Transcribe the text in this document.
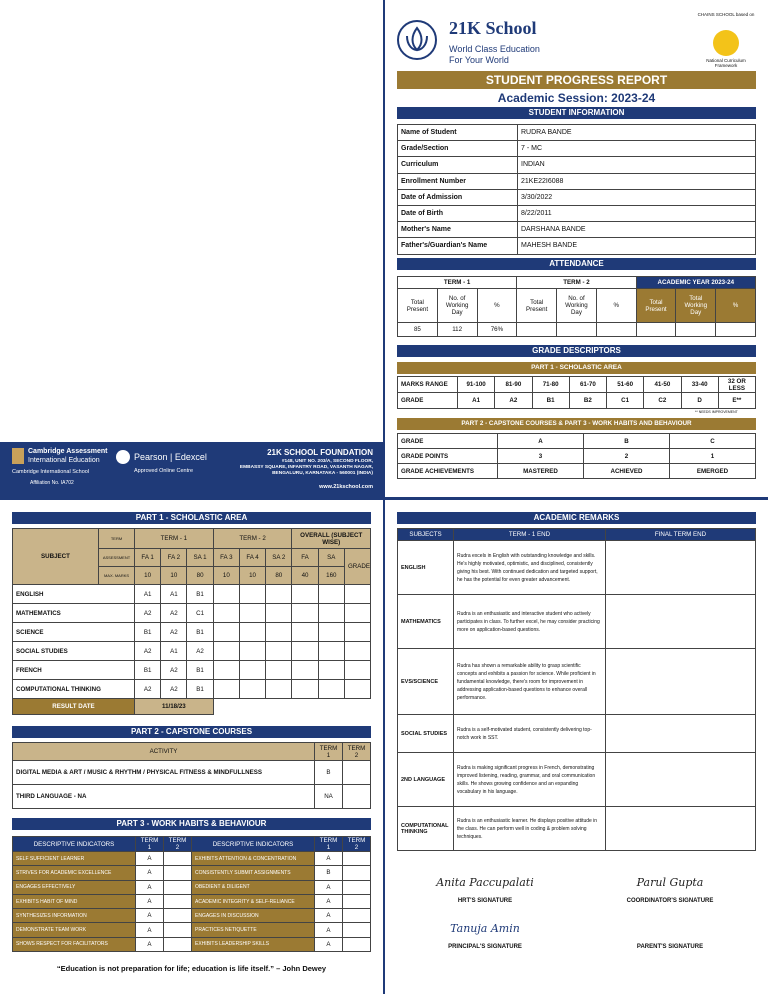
21K School
World Class Education
For Your World
CHAINS SCHOOL based on
National Curriculum Framework
STUDENT PROGRESS REPORT
Academic Session: 2023-24
STUDENT INFORMATION
Name of Student	RUDRA BANDE
Grade/Section	7 - MC
Curriculum	INDIAN
Enrollment Number	21KE22I6088
Date of Admission	3/30/2022
Date of Birth	8/22/2011
Mother's Name	DARSHANA BANDE
Father's/Guardian's Name	MAHESH BANDE
ATTENDANCE
TERM - 1			TERM - 2			ACADEMIC YEAR 2023-24		
Total Present	No. of Working Day	%	Total Present	No. of Working Day	%	Total Present	Total Working Day	%
85	112	76%						
GRADE DESCRIPTORS
PART 1 - SCHOLASTIC AREA
MARKS RANGE	91-100	81-90	71-80	61-70	51-60	41-50	33-40	32 OR LESS
GRADE	A1	A2	B1	B2	C1	C2	D	E**
** NEEDS IMPROVEMENT
PART 2 - CAPSTONE COURSES & PART 3 - WORK HABITS AND BEHAVIOUR
GRADE	A	B	C
GRADE POINTS	3	2	1
GRADE ACHIEVEMENTS	MASTERED	ACHIEVED	EMERGED
Cambridge Assessment
International Education
Cambridge International School
Affiliation No. IA702
Pearson | Edexcel
Approved Online Centre
21K SCHOOL FOUNDATION
#148, UNIT NO. 203/A, SECOND FLOOR,
EMBASSY SQUARE, INFANTRY ROAD, VASANTH NAGAR,
BENGALURU, KARNATAKA - 560001 (INDIA)
www.21kschool.com
PART 1 - SCHOLASTIC AREA
SUBJECT	TERM	TERM - 1			TERM - 2			OVERALL (SUBJECT WISE)		
	ASSESSMENT	FA 1	FA 2	SA 1	FA 3	FA 4	SA 2	FA	SA	GRADE
	MAX. MARKS	10	10	80	10	10	80	40	160	
ENGLISH		A1	A1	B1						
MATHEMATICS		A2	A2	C1						
SCIENCE		B1	A2	B1						
SOCIAL STUDIES		A2	A1	A2						
FRENCH		B1	A2	B1						
COMPUTATIONAL THINKING		A2	A2	B1						
RESULT DATE		11/18/23								
PART 2 - CAPSTONE COURSES
ACTIVITY	TERM 1	TERM 2
DIGITAL MEDIA & ART / MUSIC & RHYTHM / PHYSICAL FITNESS & MINDFULLNESS	B	
THIRD LANGUAGE - NA	NA	
PART 3 - WORK HABITS & BEHAVIOUR
DESCRIPTIVE INDICATORS	TERM 1	TERM 2	DESCRIPTIVE INDICATORS	TERM 1	TERM 2
SELF SUFFICIENT LEARNER	A		EXHIBITS ATTENTION & CONCENTRATION	A	
STRIVES FOR ACADEMIC EXCELLENCE	A		CONSISTENTLY SUBMIT ASSIGNMENTS	B	
ENGAGES EFFECTIVELY	A		OBEDIENT & DILIGENT	A	
EXHIBITS HABIT OF MIND	A		ACADEMIC INTEGRITY & SELF-RELIANCE	A	
SYNTHESIZES INFORMATION	A		ENGAGES IN DISCUSSION	A	
DEMONSTRATE TEAM WORK	A		PRACTICES NETIQUETTE	A	
SHOWS RESPECT FOR FACILITATORS	A		EXHIBITS LEADERSHIP SKILLS	A	
“Education is not preparation for life; education is life itself.” – John Dewey
ACADEMIC REMARKS
SUBJECTS	TERM - 1 END	FINAL TERM END
ENGLISH	Rudra excels in English with outstanding knowledge and skills. He's highly motivated, optimistic, and disciplined, consistently giving his best. With continued dedication and targeted support, he has the potential for even greater advancement.	
MATHEMATICS	Rudra is an enthusiastic and interactive student who actively participates in class. To further excel, he may consider practicing more on application-based questions.	
EVS/SCIENCE	Rudra has shown a remarkable ability to grasp scientific concepts and exhibits a passion for science. While proficient in fundamental knowledge, there's room for improvement in addressing application-based questions to enhance overall performance.	
SOCIAL STUDIES	Rudra is a self-motivated student, consistently delivering top-notch work in SST.	
2ND LANGUAGE	Rudra is making significant progress in French, demonstrating improved listening, reading, grammar, and oral communication skills. He shows growing confidence and an expanding vocabulary in his language.	
COMPUTATIONAL THINKING	Rudra is an enthusiastic learner. He displays positive attitude in the class. He can perform well in coding & problem solving techniques.	
Anita Paccupalati
HRT'S SIGNATURE
Parul Gupta
COORDINATOR'S SIGNATURE
Tanuja Amin
PRINCIPAL'S SIGNATURE	PARENT'S SIGNATURE
